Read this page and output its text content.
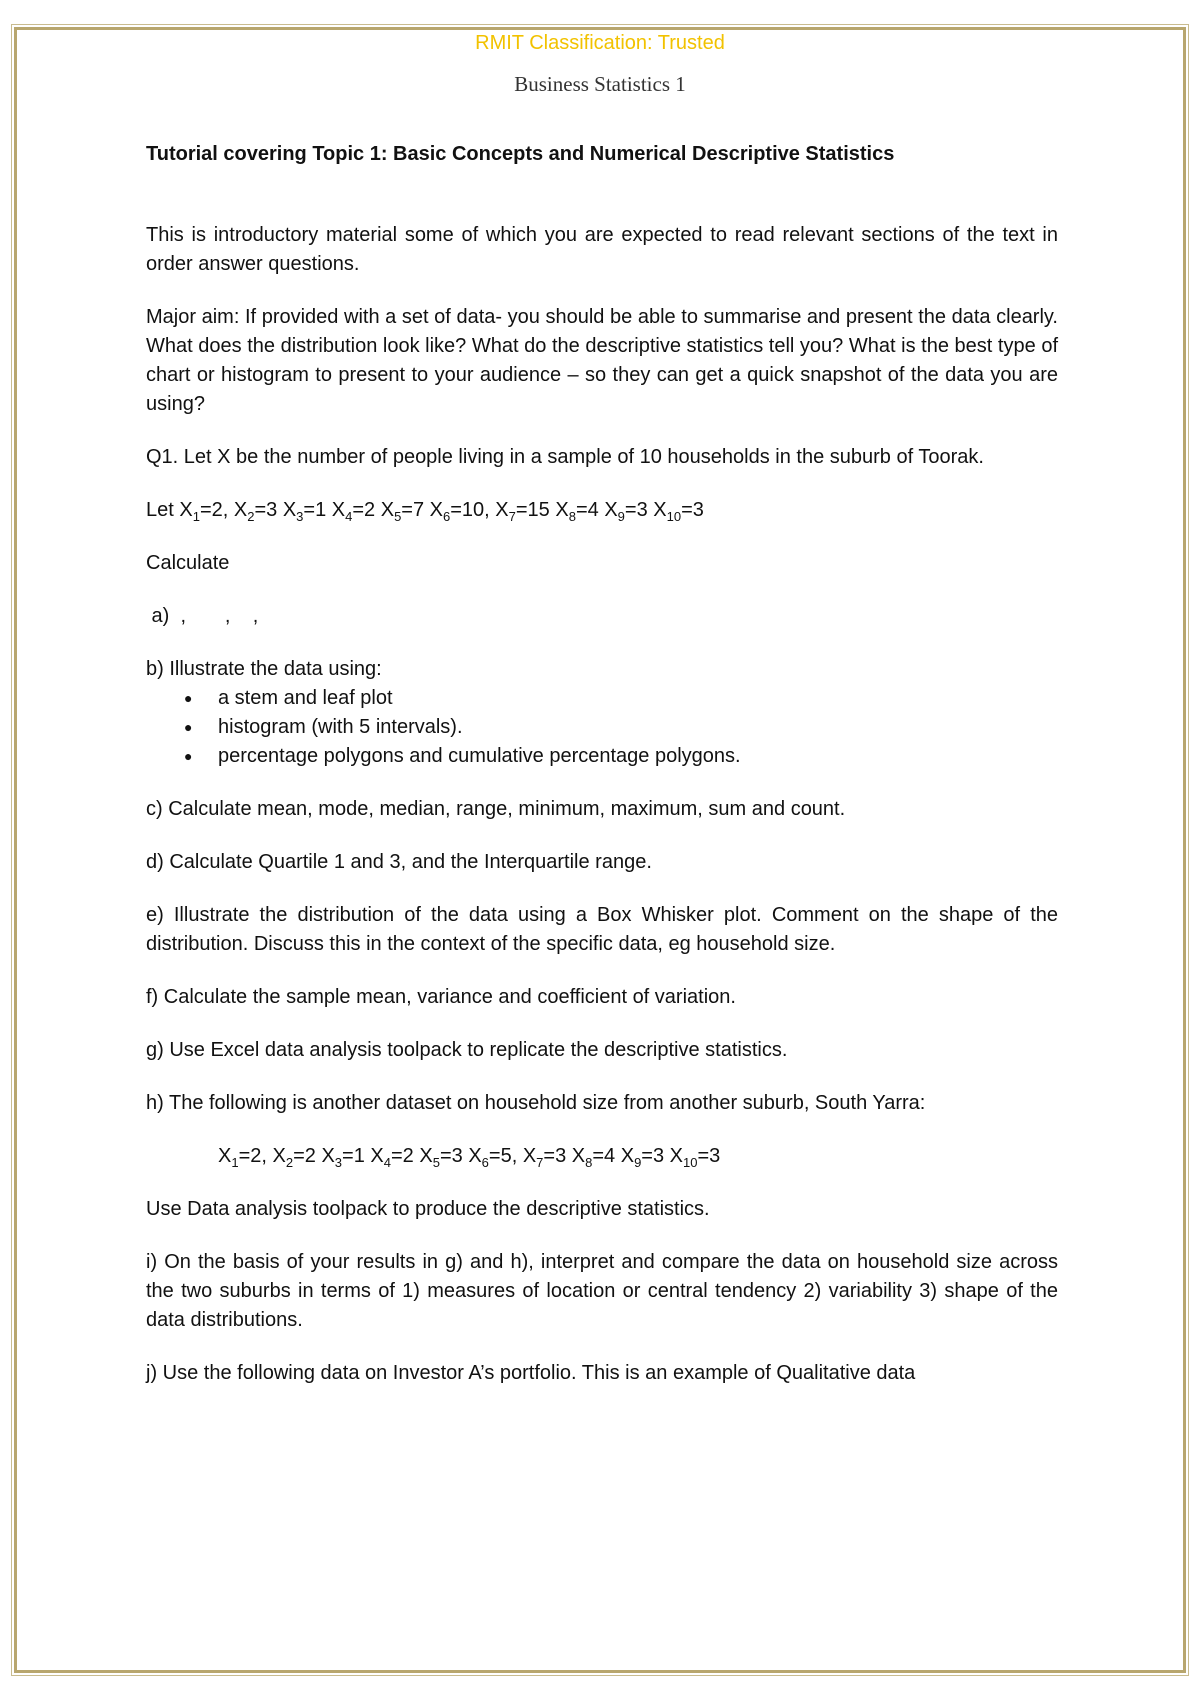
RMIT Classification: Trusted
Business Statistics 1

Tutorial covering Topic 1: Basic Concepts and Numerical Descriptive Statistics

This is introductory material some of which you are expected to read relevant sections of the text in order answer questions.

Major aim: If provided with a set of data- you should be able to summarise and present the data clearly. What does the distribution look like? What do the descriptive statistics tell you? What is the best type of chart or histogram to present to your audience – so they can get a quick snapshot of the data you are using?

Q1. Let X be the number of people living in a sample of 10 households in the suburb of Toorak.

Let $X_1=2$, $X_2=3$ $X_3=1$ $X_4=2$ $X_5=7$ $X_6=10$, $X_7=15$ $X_8=4$ $X_9=3$ $X_{10}=3$

Calculate

a)  ,       ,    ,

b) Illustrate the data using:

● a stem and leaf plot
● histogram (with 5 intervals).
● percentage polygons and cumulative percentage polygons.

c) Calculate mean, mode, median, range, minimum, maximum, sum and count.

d) Calculate Quartile 1 and 3, and the Interquartile range.

e) Illustrate the distribution of the data using a Box Whisker plot. Comment on the shape of the distribution. Discuss this in the context of the specific data, eg household size.

f) Calculate the sample mean, variance and coefficient of variation.

g) Use Excel data analysis toolpack to replicate the descriptive statistics.

h) The following is another dataset on household size from another suburb, South Yarra:

$X_1=2$, $X_2=2$ $X_3=1$ $X_4=2$ $X_5=3$ $X_6=5$, $X_7=3$ $X_8=4$ $X_9=3$ $X_{10}=3$

Use Data analysis toolpack to produce the descriptive statistics.

i) On the basis of your results in g) and h), interpret and compare the data on household size across the two suburbs in terms of 1) measures of location or central tendency 2) variability 3) shape of the data distributions.

j) Use the following data on Investor A’s portfolio. This is an example of Qualitative data
